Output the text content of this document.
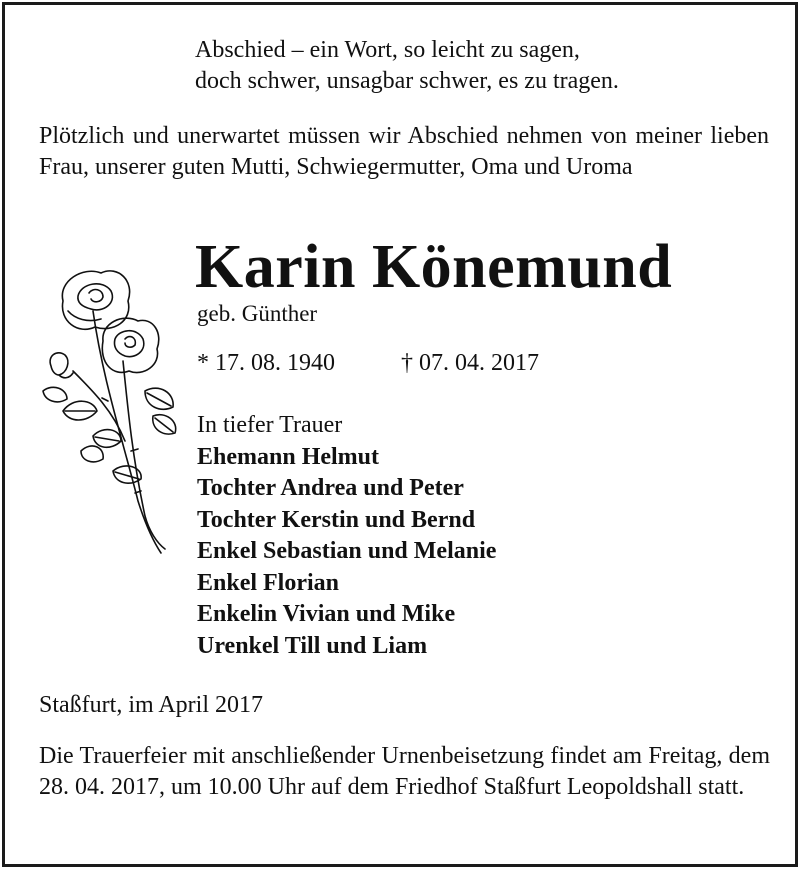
Abschied – ein Wort, so leicht zu sagen,
doch schwer, unsagbar schwer, es zu tragen.

Plötzlich und unerwartet müssen wir Abschied nehmen von meiner lieben Frau, unserer guten Mutti, Schwiegermutter, Oma und Uroma

Karin Könemund
geb. Günther
* 17. 08. 1940	† 07. 04. 2017
In tiefer Trauer
Ehemann Helmut
Tochter Andrea und Peter
Tochter Kerstin und Bernd
Enkel Sebastian und Melanie
Enkel Florian
Enkelin Vivian und Mike
Urenkel Till und Liam

Staßfurt, im April 2017

Die Trauerfeier mit anschließender Urnenbeisetzung findet am Freitag, dem 28. 04. 2017, um 10.00 Uhr auf dem Friedhof Staßfurt Leopoldshall statt.
